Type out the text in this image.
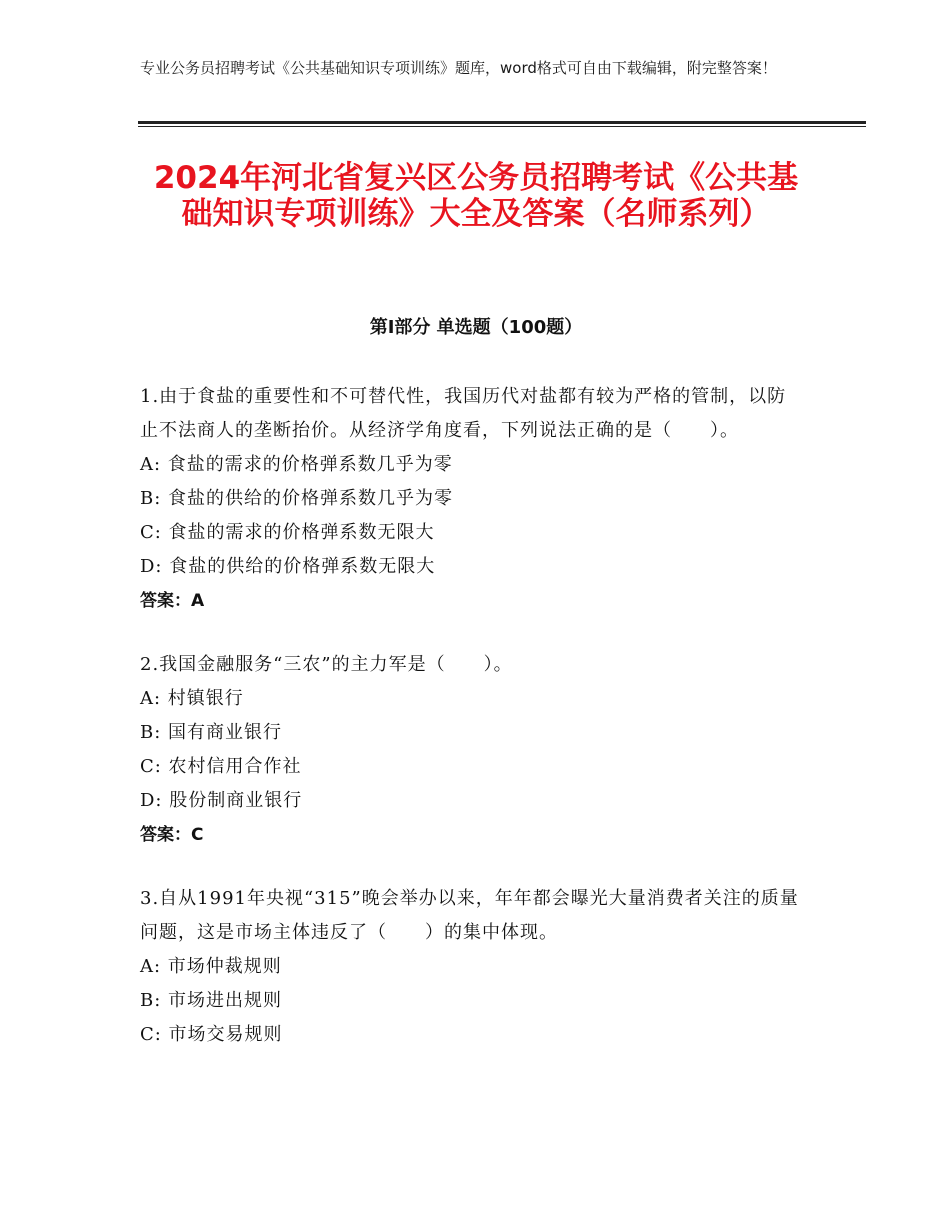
专业公务员招聘考试《公共基础知识专项训练》题库，word格式可自由下载编辑，附完整答案！
2024年河北省复兴区公务员招聘考试《公共基础知识专项训练》大全及答案（名师系列）
第Ⅰ部分 单选题（100题）
1.由于食盐的重要性和不可替代性，我国历代对盐都有较为严格的管制，以防止不法商人的垄断抬价。从经济学角度看，下列说法正确的是（　　）。
A: 食盐的需求的价格弹系数几乎为零
B: 食盐的供给的价格弹系数几乎为零
C: 食盐的需求的价格弹系数无限大
D: 食盐的供给的价格弹系数无限大
答案：A
2.我国金融服务“三农”的主力军是（　　）。
A: 村镇银行
B: 国有商业银行
C: 农村信用合作社
D: 股份制商业银行
答案：C
3.自从1991年央视“315”晚会举办以来，年年都会曝光大量消费者关注的质量问题，这是市场主体违反了（　　）的集中体现。
A: 市场仲裁规则
B: 市场进出规则
C: 市场交易规则
